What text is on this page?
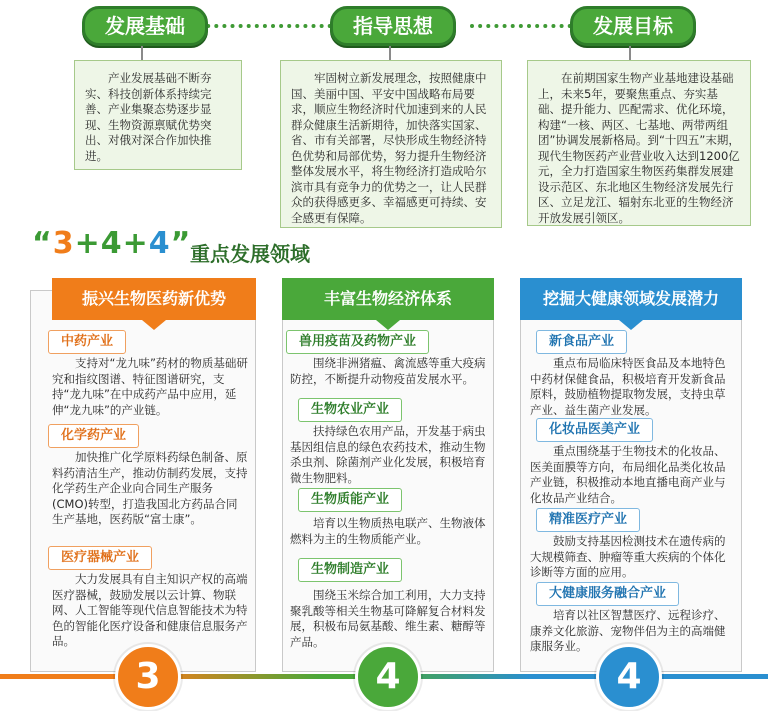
发展基础	指导思想	发展目标
产业发展基础不断夯实、科技创新体系持续完善、产业集聚态势逐步显现、生物资源禀赋优势突出、对俄对深合作加快推进。
牢固树立新发展理念，按照健康中国、美丽中国、平安中国战略布局要求，顺应生物经济时代加速到来的人民群众健康生活新期待，加快落实国家、省、市有关部署，尽快形成生物经济特色优势和局部优势，努力提升生物经济整体发展水平，将生物经济打造成哈尔滨市具有竞争力的优势之一，让人民群众的获得感更多、幸福感更可持续、安全感更有保障。
在前期国家生物产业基地建设基础上，未来5年，要聚焦重点、夯实基础、提升能力、匹配需求、优化环境，构建“一核、两区、七基地、两带两组团”协调发展新格局。到“十四五”末期，现代生物医药产业营业收入达到1200亿元，全力打造国家生物医药集群发展建设示范区、东北地区生物经济发展先行区、立足龙江、辐射东北亚的生物经济开放发展引领区。
“3+4+4”
重点发展领域
振兴生物医药新优势
中药产业
支持对“龙九味”药材的物质基础研究和指纹图谱、特征图谱研究，支持“龙九味”在中成药产品中应用，延伸“龙九味”的产业链。
化学药产业
加快推广化学原料药绿色制备、原料药清洁生产，推动仿制药发展，支持化学药生产企业向合同生产服务(CMO)转型，打造我国北方药品合同生产基地，医药版“富士康”。
医疗器械产业
大力发展具有自主知识产权的高端医疗器械，鼓励发展以云计算、物联网、人工智能等现代信息智能技术为特色的智能化医疗设备和健康信息服务产品。
丰富生物经济体系
兽用疫苗及药物产业
围绕非洲猪瘟、禽流感等重大疫病防控，不断提升动物疫苗发展水平。
生物农业产业
扶持绿色农用产品，开发基于病虫基因组信息的绿色农药技术，推动生物杀虫剂、除菌剂产业化发展，积极培育微生物肥料。
生物质能产业
培育以生物质热电联产、生物液体燃料为主的生物质能产业。
生物制造产业
围绕玉米综合加工利用，大力支持聚乳酸等相关生物基可降解复合材料发展，积极布局氨基酸、维生素、糖醇等产品。
挖掘大健康领域发展潜力
新食品产业
重点布局临床特医食品及本地特色中药材保健食品，积极培育开发新食品原料，鼓励植物提取物发展，支持虫草产业、益生菌产业发展。
化妆品医美产业
重点围绕基于生物技术的化妆品、医美面膜等方向，布局细化品类化妆品产业链，积极推动本地直播电商产业与化妆品产业结合。
精准医疗产业
鼓励支持基因检测技术在遗传病的大规模筛查、肿瘤等重大疾病的个体化诊断等方面的应用。
大健康服务融合产业
培育以社区智慧医疗、远程诊疗、康养文化旅游、宠物伴侣为主的高端健康服务业。
3	4	4
